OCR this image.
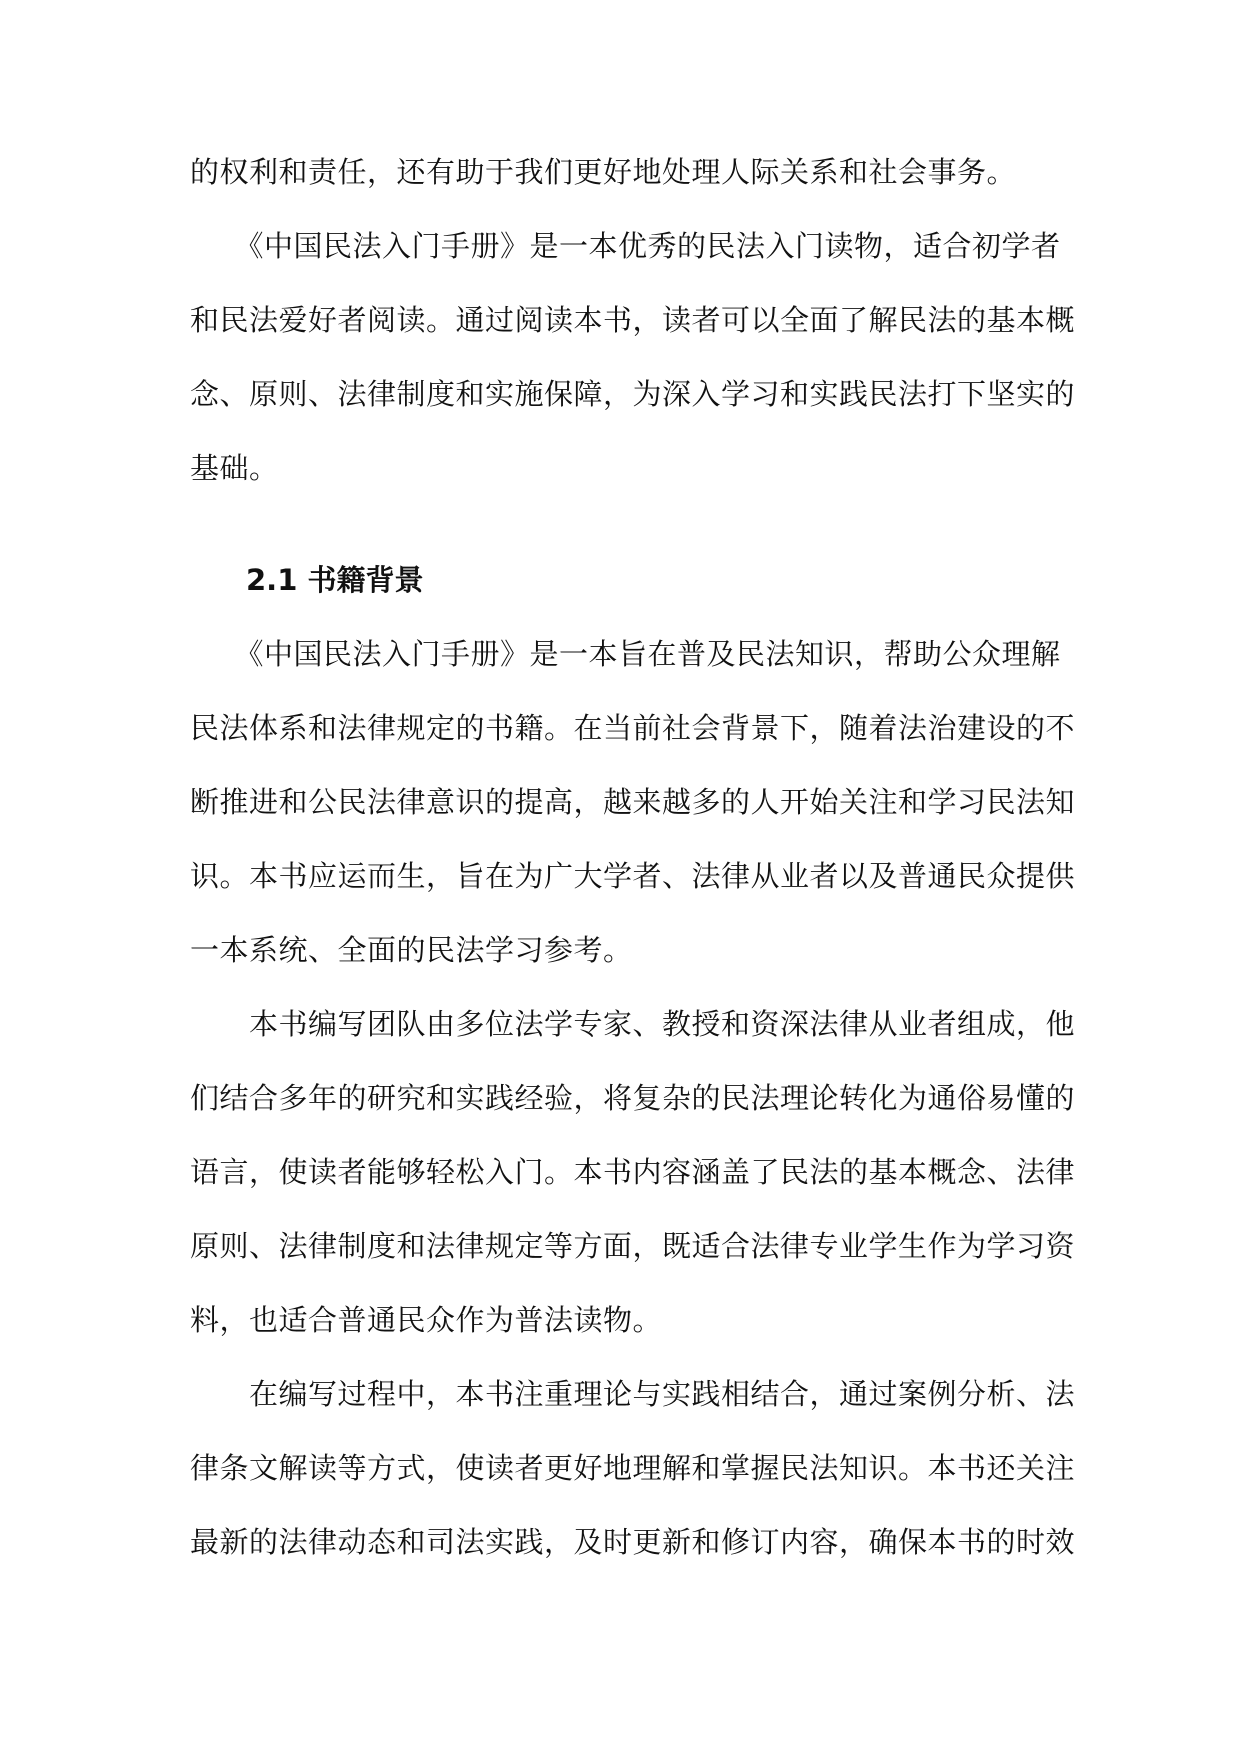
的权利和责任，还有助于我们更好地处理人际关系和社会事务。
　　《中国民法入门手册》是一本优秀的民法入门读物，适合初学者
和民法爱好者阅读。通过阅读本书，读者可以全面了解民法的基本概
念、原则、法律制度和实施保障，为深入学习和实践民法打下坚实的
基础。
2.1 书籍背景
　　《中国民法入门手册》是一本旨在普及民法知识，帮助公众理解
民法体系和法律规定的书籍。在当前社会背景下，随着法治建设的不
断推进和公民法律意识的提高，越来越多的人开始关注和学习民法知
识。本书应运而生，旨在为广大学者、法律从业者以及普通民众提供
一本系统、全面的民法学习参考。
　　本书编写团队由多位法学专家、教授和资深法律从业者组成，他
们结合多年的研究和实践经验，将复杂的民法理论转化为通俗易懂的
语言，使读者能够轻松入门。本书内容涵盖了民法的基本概念、法律
原则、法律制度和法律规定等方面，既适合法律专业学生作为学习资
料，也适合普通民众作为普法读物。
　　在编写过程中，本书注重理论与实践相结合，通过案例分析、法
律条文解读等方式，使读者更好地理解和掌握民法知识。本书还关注
最新的法律动态和司法实践，及时更新和修订内容，确保本书的时效
